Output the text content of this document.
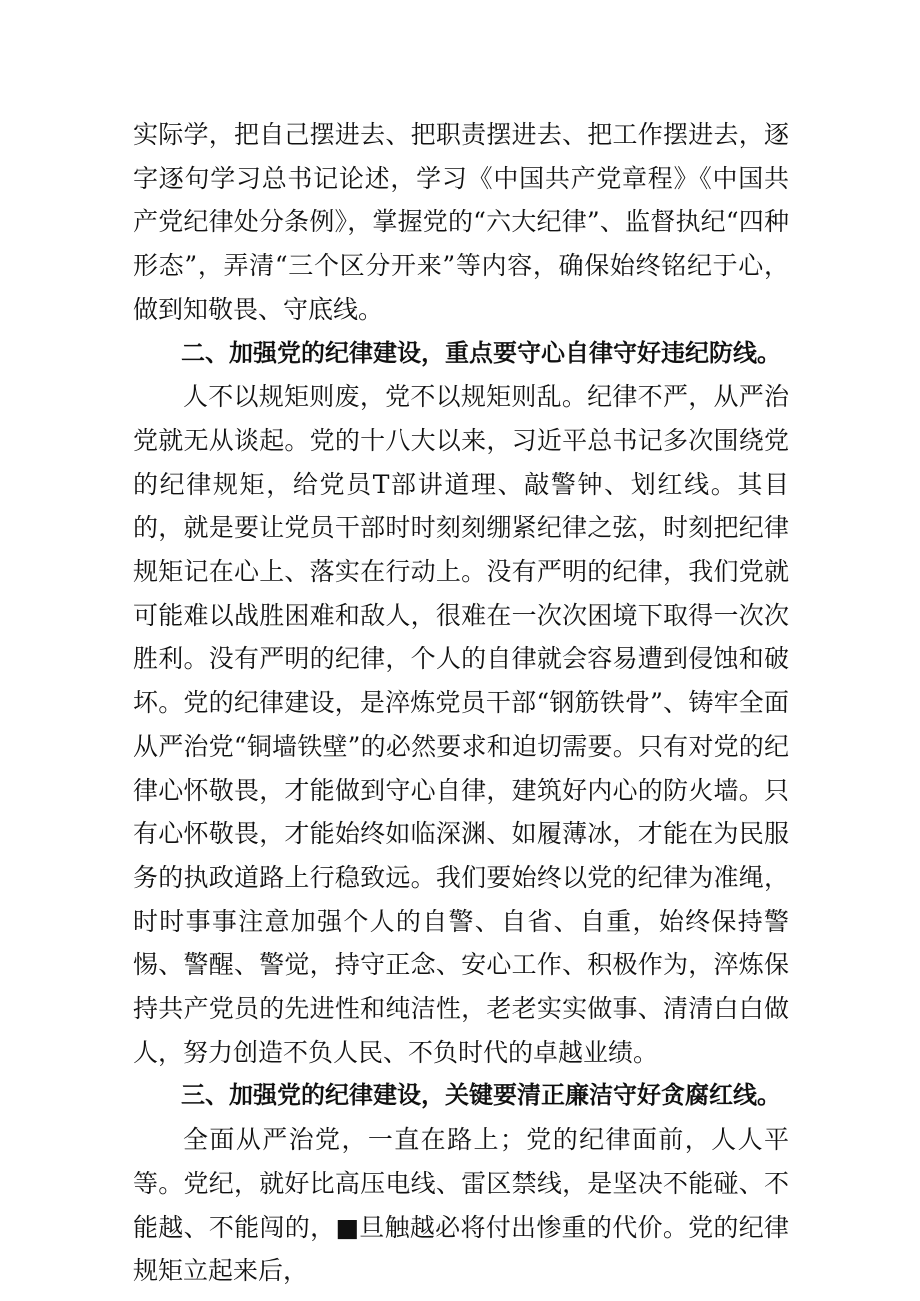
实际学，把自己摆进去、把职责摆进去、把工作摆进去，逐字逐句学习总书记论述，学习《中国共产党章程》《中国共产党纪律处分条例》，掌握党的“六大纪律”、监督执纪“四种形态”，弄清“三个区分开来”等内容，确保始终铭纪于心，做到知敬畏、守底线。

二、加强党的纪律建设，重点要守心自律守好违纪防线。

人不以规矩则废，党不以规矩则乱。纪律不严，从严治党就无从谈起。党的十八大以来，习近平总书记多次围绕党的纪律规矩，给党员T部讲道理、敲警钟、划红线。其目的，就是要让党员干部时时刻刻绷紧纪律之弦，时刻把纪律规矩记在心上、落实在行动上。没有严明的纪律，我们党就可能难以战胜困难和敌人，很难在一次次困境下取得一次次胜利。没有严明的纪律，个人的自律就会容易遭到侵蚀和破坏。党的纪律建设，是淬炼党员干部“钢筋铁骨”、铸牢全面从严治党“铜墙铁壁”的必然要求和迫切需要。只有对党的纪律心怀敬畏，才能做到守心自律，建筑好内心的防火墙。只有心怀敬畏，才能始终如临深渊、如履薄冰，才能在为民服务的执政道路上行稳致远。我们要始终以党的纪律为准绳，时时事事注意加强个人的自警、自省、自重，始终保持警惕、警醒、警觉，持守正念、安心工作、积极作为，淬炼保持共产党员的先进性和纯洁性，老老实实做事、清清白白做人，努力创造不负人民、不负时代的卓越业绩。

三、加强党的纪律建设，关键要清正廉洁守好贪腐红线。

全面从严治党，一直在路上；党的纪律面前，人人平等。党纪，就好比高压电线、雷区禁线，是坚决不能碰、不能越、不能闯的，■旦触越必将付出惨重的代价。党的纪律规矩立起来后，
